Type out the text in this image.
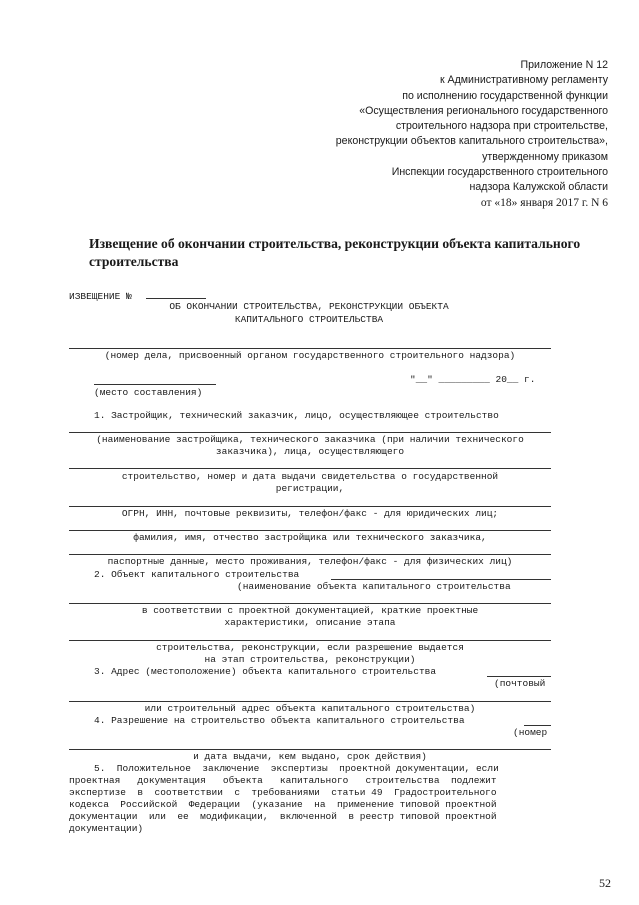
Приложение N 12
к Административному регламенту
по исполнению государственной функции
«Осуществления регионального государственного
строительного надзора при строительстве,
реконструкции объектов капитального строительства»,
утвержденному приказом
Инспекции государственного строительного
надзора Калужской области
от «18» января 2017 г. N 6
Извещение об окончании строительства, реконструкции объекта капитального строительства
ИЗВЕЩЕНИЕ №
ОБ ОКОНЧАНИИ СТРОИТЕЛЬСТВА, РЕКОНСТРУКЦИИ ОБЪЕКТА
КАПИТАЛЬНОГО СТРОИТЕЛЬСТВА
(номер дела, присвоенный органом государственного строительного надзора)
"__" _________ 20__ г.
(место составления)
1. Застройщик, технический заказчик, лицо, осуществляющее строительство
(наименование застройщика, технического заказчика (при наличии технического
заказчика), лица, осуществляющего
строительство, номер и дата выдачи свидетельства о государственной
регистрации,
ОГРН, ИНН, почтовые реквизиты, телефон/факс - для юридических лиц;
фамилия, имя, отчество застройщика или технического заказчика,
паспортные данные, место проживания, телефон/факс - для физических лиц)
2. Объект капитального строительства
(наименование объекта капитального строительства
в соответствии с проектной документацией, краткие проектные
характеристики, описание этапа
строительства, реконструкции, если разрешение выдается
на этап строительства, реконструкции)
3. Адрес (местоположение) объекта капитального строительства
(почтовый
или строительный адрес объекта капитального строительства)
4. Разрешение на строительство объекта капитального строительства
(номер
и дата выдачи, кем выдано, срок действия)
5.  Положительное  заключение  экспертизы  проектной документации, если
проектная   документация   объекта   капитального   строительства  подлежит
экспертизе  в  соответствии  с  требованиями  статьи 49  Градостроительного
кодекса  Российской  Федерации  (указание  на  применение типовой проектной
документации  или  ее  модификации,  включенной  в реестр типовой проектной
документации)
52
